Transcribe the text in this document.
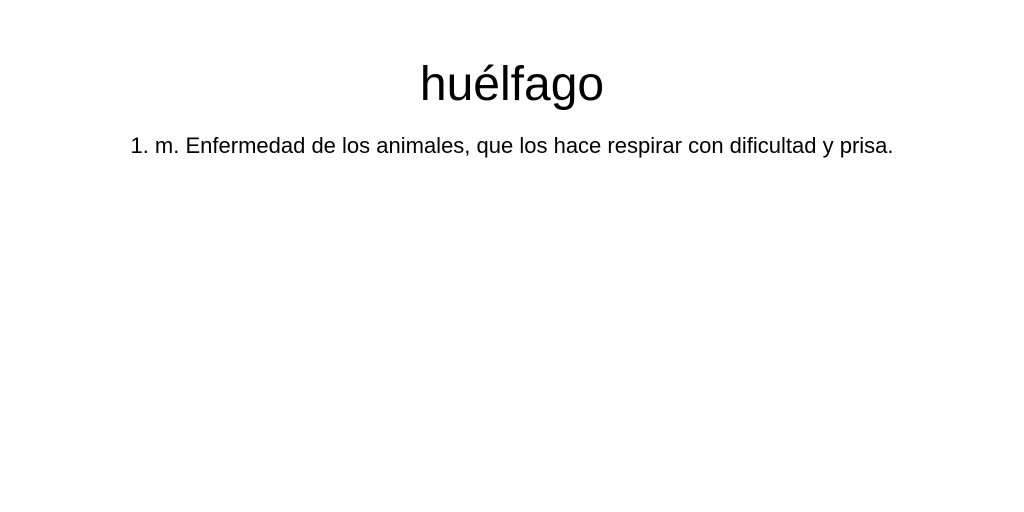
huélfago

1. m. Enfermedad de los animales, que los hace respirar con dificultad y prisa.
